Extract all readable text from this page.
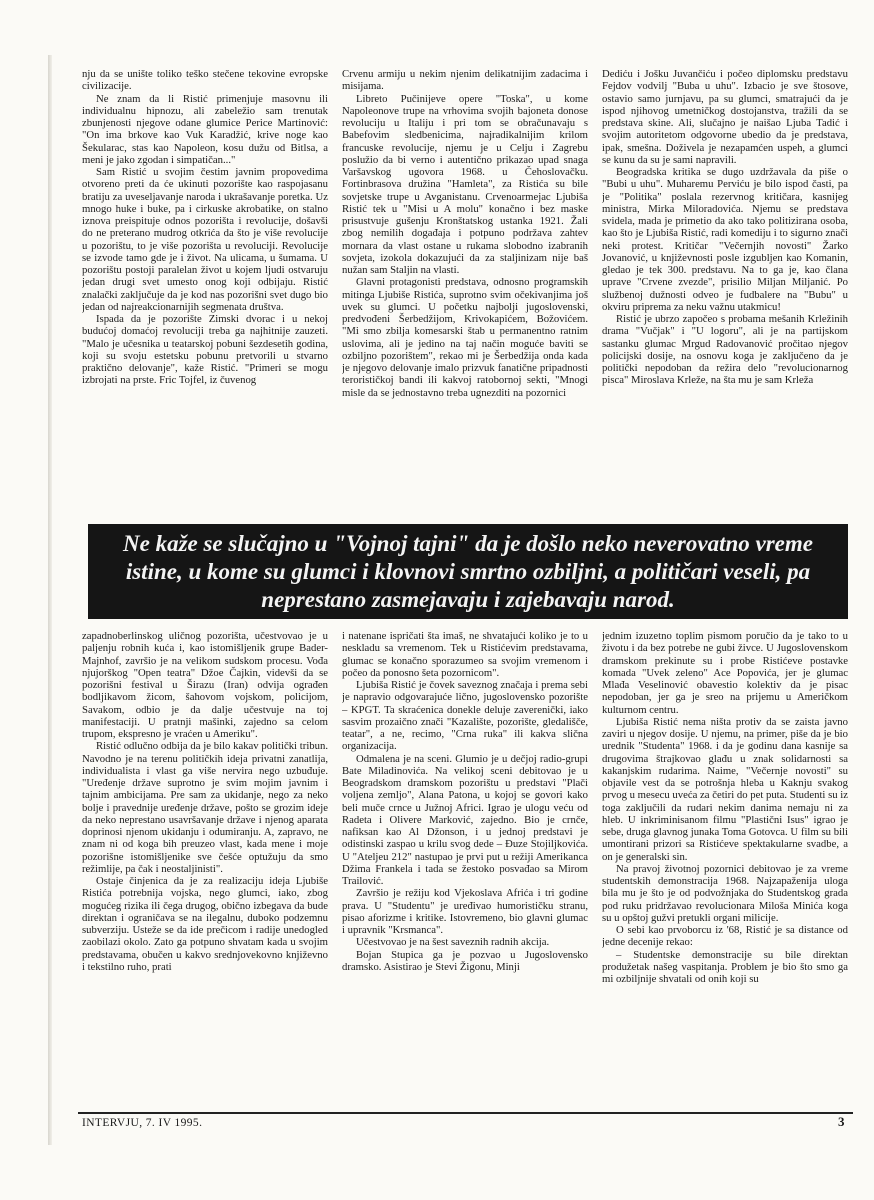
nju da se unište toliko teško stečene tekovine evropske civilizacije.

Ne znam da li Ristić primenjuje masovnu ili individualnu hipnozu, ali zabeležio sam trenutak zbunjenosti njegove odane glumice Perice Martinović: "On ima brkove kao Vuk Karadžić, krive noge kao Šekularac, stas kao Napoleon, kosu dužu od Bitlsa, a meni je jako zgodan i simpatičan..."

Sam Ristić u svojim čestim javnim propovedima otvoreno preti da će ukinuti pozorište kao raspojasanu bratiju za uveseljavanje naroda i ukrašavanje poretka. Uz mnogo huke i buke, pa i cirkuske akrobatike, on stalno iznova preispituje odnos pozorišta i revolucije, došavši do ne preterano mudrog otkrića da što je više revolucije u pozorištu, to je više pozorišta u revoluciji. Revolucije se izvode tamo gde je i život. Na ulicama, u šumama. U pozorištu postoji paralelan život u kojem ljudi ostvaruju jedan drugi svet umesto onog koji odbijaju. Ristić znalački zaključuje da je kod nas pozorišni svet dugo bio jedan od najreakcionarnijih segmenata društva.

Ispada da je pozorište Zimski dvorac i u nekoj budućoj domaćoj revoluciji treba ga najhitnije zauzeti. "Malo je učesnika u teatarskoj pobuni šezdesetih godina, koji su svoju estetsku pobunu pretvorili u stvarno praktično delovanje", kaže Ristić. "Primeri se mogu izbrojati na prste. Fric Tojfel, iz čuvenog

Crvenu armiju u nekim njenim delikatnijim zadacima i misijama.

Libreto Pučinijeve opere "Toska", u kome Napoleonove trupe na vrhovima svojih bajoneta donose revoluciju u Italiju i pri tom se obračunavaju s Babefovim sledbenicima, najradikalnijim krilom francuske revolucije, njemu je u Celju i Zagrebu poslužio da bi verno i autentično prikazao upad snaga Varšavskog ugovora 1968. u Čehoslovačku. Fortinbrasova družina "Hamleta", za Ristića su bile sovjetske trupe u Avganistanu. Crvenoarmejac Ljubiša Ristić tek u "Misi u A molu" konačno i bez maske prisustvuje gušenju Kronštatskog ustanka 1921. Žali zbog nemilih događaja i potpuno podržava zahtev mornara da vlast ostane u rukama slobodno izabranih sovjeta, izokola dokazujući da za staljinizam nije baš nužan sam Staljin na vlasti.

Glavni protagonisti predstava, odnosno programskih mitinga Ljubiše Ristića, suprotno svim očekivanjima još uvek su glumci. U početku najbolji jugoslovenski, predvođeni Šerbedžijom, Krivokapićem, Božovićem. "Mi smo zbilja komesarski štab u permanentno ratnim uslovima, ali je jedino na taj način moguće baviti se ozbiljno pozorištem", rekao mi je Šerbedžija onda kada je njegovo delovanje imalo prizvuk fanatične pripadnosti terorističkoj bandi ili kakvoj ratobornoj sekti, "Mnogi misle da se jednostavno treba ugnezditi na pozornici

Dediću i Jošku Juvančiću i počeo diplomsku predstavu Fejdov vodvilj "Buba u uhu". Izbacio je sve štosove, ostavio samo jurnjavu, pa su glumci, smatrajući da je ispod njihovog umetničkog dostojanstva, tražili da se predstava skine. Ali, slučajno je naišao Ljuba Tadić i svojim autoritetom odgovorne ubedio da je predstava, ipak, smešna. Doživela je nezapamćen uspeh, a glumci se kunu da su je sami napravili.

Beogradska kritika se dugo uzdržavala da piše o "Bubi u uhu". Muharemu Perviću je bilo ispod časti, pa je "Politika" poslala rezervnog kritičara, kasnijeg ministra, Mirka Miloradovića. Njemu se predstava svidela, mada je primetio da ako tako politizirana osoba, kao što je Ljubiša Ristić, radi komediju i to sigurno znači neki protest. Kritičar "Večernjih novosti" Žarko Jovanović, u književnosti posle izgubljen kao Komanin, gledao je tek 300. predstavu. Na to ga je, kao člana uprave "Crvene zvezde", prisilio Miljan Miljanić. Po službenoj dužnosti odveo je fudbalere na "Bubu" u okviru priprema za neku važnu utakmicu!

Ristić je ubrzo započeo s probama mešanih Krležinih drama "Vučjak" i "U logoru", ali je na partijskom sastanku glumac Mrgud Radovanović pročitao njegov policijski dosije, na osnovu koga je zaključeno da je politički nepodoban da režira delo "revolucionarnog pisca" Miroslava Krleže, na šta mu je sam Krleža

Ne kaže se slučajno u "Vojnoj tajni" da je došlo neko neverovatno vreme istine, u kome su glumci i klovnovi smrtno ozbiljni, a političari veseli, pa neprestano zasmejavaju i zajebavaju narod.

zapadnoberlinskog uličnog pozorišta, učestvovao je u paljenju robnih kuća i, kao istomišljenik grupe Bader-Majnhof, završio je na velikom sudskom procesu. Vođa njujorškog "Open teatra" Džoe Čajkin, videvši da se pozorišni festival u Širazu (Iran) odvija ograđen bodljikavom žicom, šahovom vojskom, policijom, Savakom, odbio je da dalje učestvuje na toj manifestaciji. U pratnji mašinki, zajedno sa celom trupom, ekspresno je vraćen u Ameriku".

Ristić odlučno odbija da je bilo kakav politički tribun. Navodno je na terenu političkih ideja privatni zanatlija, individualista i vlast ga više nervira nego uzbuđuje. "Uređenje države suprotno je svim mojim javnim i tajnim ambicijama. Pre sam za ukidanje, nego za neko bolje i pravednije uređenje države, pošto se grozim ideje da neko neprestano usavršavanje države i njenog aparata doprinosi njenom ukidanju i odumiranju. A, zapravo, ne znam ni od koga bih preuzeo vlast, kada mene i moje pozorišne istomišljenike sve češće optužuju da smo režimlije, pa čak i neostaljinisti".

Ostaje činjenica da je za realizaciju ideja Ljubiše Ristića potrebnija vojska, nego glumci, iako, zbog mogućeg rizika ili čega drugog, obično izbegava da bude direktan i ograničava se na ilegalnu, duboko podzemnu subverziju. Ustežе se da ide prečicom i radije unedogled zaobilazi okolo. Zato ga potpuno shvatam kada u svojim predstavama, obučen u kakvo srednjovekovno književno i tekstilno ruho, prati

i natenane ispričati šta imaš, ne shvatajući koliko je to u neskladu sa vremenom. Tek u Ristićevim predstavama, glumac se konačno sporazumeo sa svojim vremenom i počeo da ponosno šeta pozornicom".

Ljubiša Ristić je čovek saveznog značaja i prema sebi je napravio odgovarajuće lično, jugoslovensko pozorište – KPGT. Ta skraćenica donekle deluje zaverenički, iako sasvim prozaično znači "Kazalište, pozorište, gledališče, teatar", a ne, recimo, "Crna ruka" ili kakva slična organizacija.

Odmalena je na sceni. Glumio je u dečjoj radio-grupi Bate Miladinovića. Na velikoj sceni debitovao je u Beogradskom dramskom pozorištu u predstavi "Plači voljena zemljo", Alana Patona, u kojoj se govori kako beli muče crnce u Južnoj Africi. Igrao je ulogu veću od Radeta i Olivere Marković, zajedno. Bio je crnče, nafiksan kao Al Džonson, i u jednoj predstavi je odistinski zaspao u krilu svog dede – Đuze Stojiljkovića. U "Atelјeu 212" nastupao je prvi put u režiji Amerikanca Džima Frankela i tada se žestoko posvađao sa Mirom Trailović.

Završio je režiju kod Vjekoslava Afrića i tri godine prava. U "Studentu" je uređivao humorističku stranu, pisao aforizme i kritike. Istovremeno, bio glavni glumac i upravnik "Krsmanca".

Učestvovao je na šest saveznih radnih akcija.

Bojan Stupica ga je pozvao u Jugoslovensko dramsko. Asistirao je Stevi Žigonu, Minji

jednim izuzetno toplim pismom poručio da je tako to u životu i da bez potrebe ne gubi živce. U Jugoslovenskom dramskom prekinute su i probe Ristićeve postavke komada "Uvek zeleno" Ace Popovića, jer je glumac Mlađa Veselinović obavestio kolektiv da je pisac nepodoban, jer ga je sreo na prijemu u Američkom kulturnom centru.

Ljubiša Ristić nema ništa protiv da se zaista javno zaviri u njegov dosije. U njemu, na primer, piše da je bio urednik "Studenta" 1968. i da je godinu dana kasnije sa drugovima štrajkovao glađu u znak solidarnosti sa kakanjskim rudarima. Naime, "Večernje novosti" su objavile vest da se potrošnja hleba u Kaknju svakog prvog u mesecu uveća za četiri do pet puta. Studenti su iz toga zaključili da rudari nekim danima nemaju ni za hleb. U inkriminisanom filmu "Plastični Isus" igrao je sebe, drugа glavnog junaka Toma Gotovca. U film su bili umontirani prizori sa Ristićeve spektakularne svadbe, a on je generalski sin.

Na pravoj životnoj pozornici debitovao je za vreme studentskih demonstracija 1968. Najzapaženija uloga bila mu je što je od podvožnjaka do Studentskog grada pod ruku pridržavao revolucionara Miloša Minića koga su u opštoj gužvi pretukli organi milicije.

O sebi kao prvoborcu iz '68, Ristić je sa distance od jedne decenije rekao:

– Studentske demonstracije su bile direktan produžetak našeg vaspitanja. Problem je bio što smo ga mi ozbiljnije shvatali od onih koji su

INTERVJU, 7. IV 1995.	3
